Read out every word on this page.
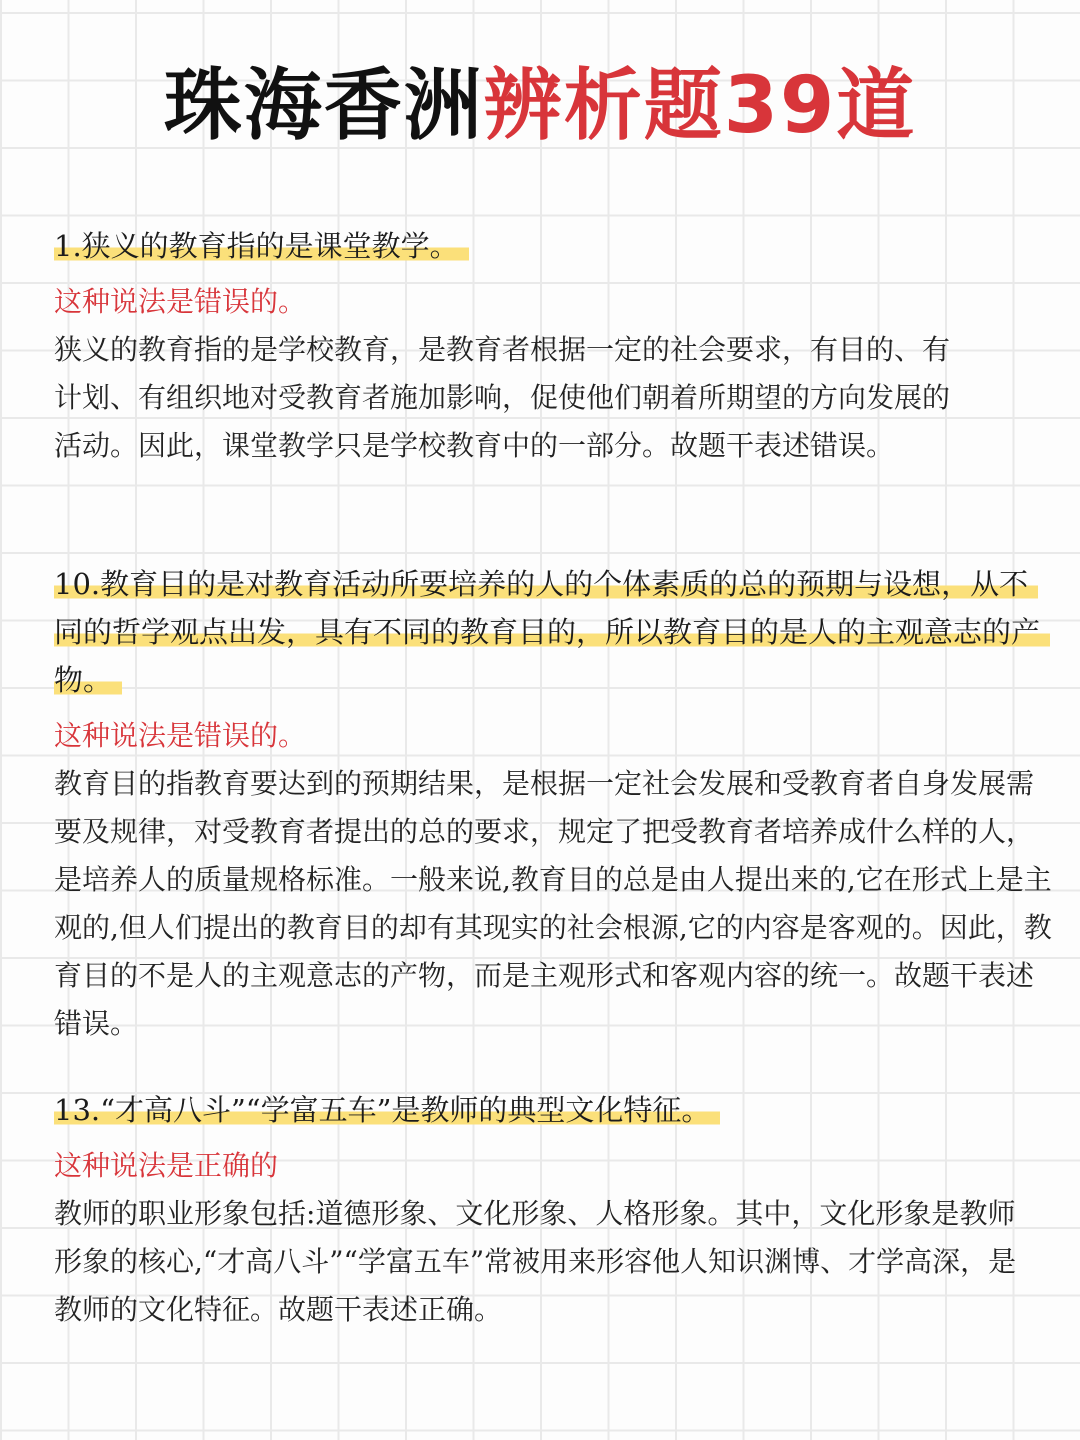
珠海香洲辨析题39道
1.狭义的教育指的是课堂教学。
这种说法是错误的。
狭义的教育指的是学校教育，是教育者根据一定的社会要求，有目的、有计划、有组织地对受教育者施加影响，促使他们朝着所期望的方向发展的活动。因此，课堂教学只是学校教育中的一部分。故题干表述错误。
10.教育目的是对教育活动所要培养的人的个体素质的总的预期与设想，从不同的哲学观点出发，具有不同的教育目的，所以教育目的是人的主观意志的产物。
这种说法是错误的。
教育目的指教育要达到的预期结果，是根据一定社会发展和受教育者自身发展需要及规律，对受教育者提出的总的要求，规定了把受教育者培养成什么样的人，是培养人的质量规格标准。一般来说,教育目的总是由人提出来的,它在形式上是主观的,但人们提出的教育目的却有其现实的社会根源,它的内容是客观的。因此，教育目的不是人的主观意志的产物，而是主观形式和客观内容的统一。故题干表述错误。
13.“才高八斗”“学富五车”是教师的典型文化特征。
这种说法是正确的
教师的职业形象包括:道德形象、文化形象、人格形象。其中，文化形象是教师形象的核心,“才高八斗”“学富五车”常被用来形容他人知识渊博、才学高深，是教师的文化特征。故题干表述正确。
